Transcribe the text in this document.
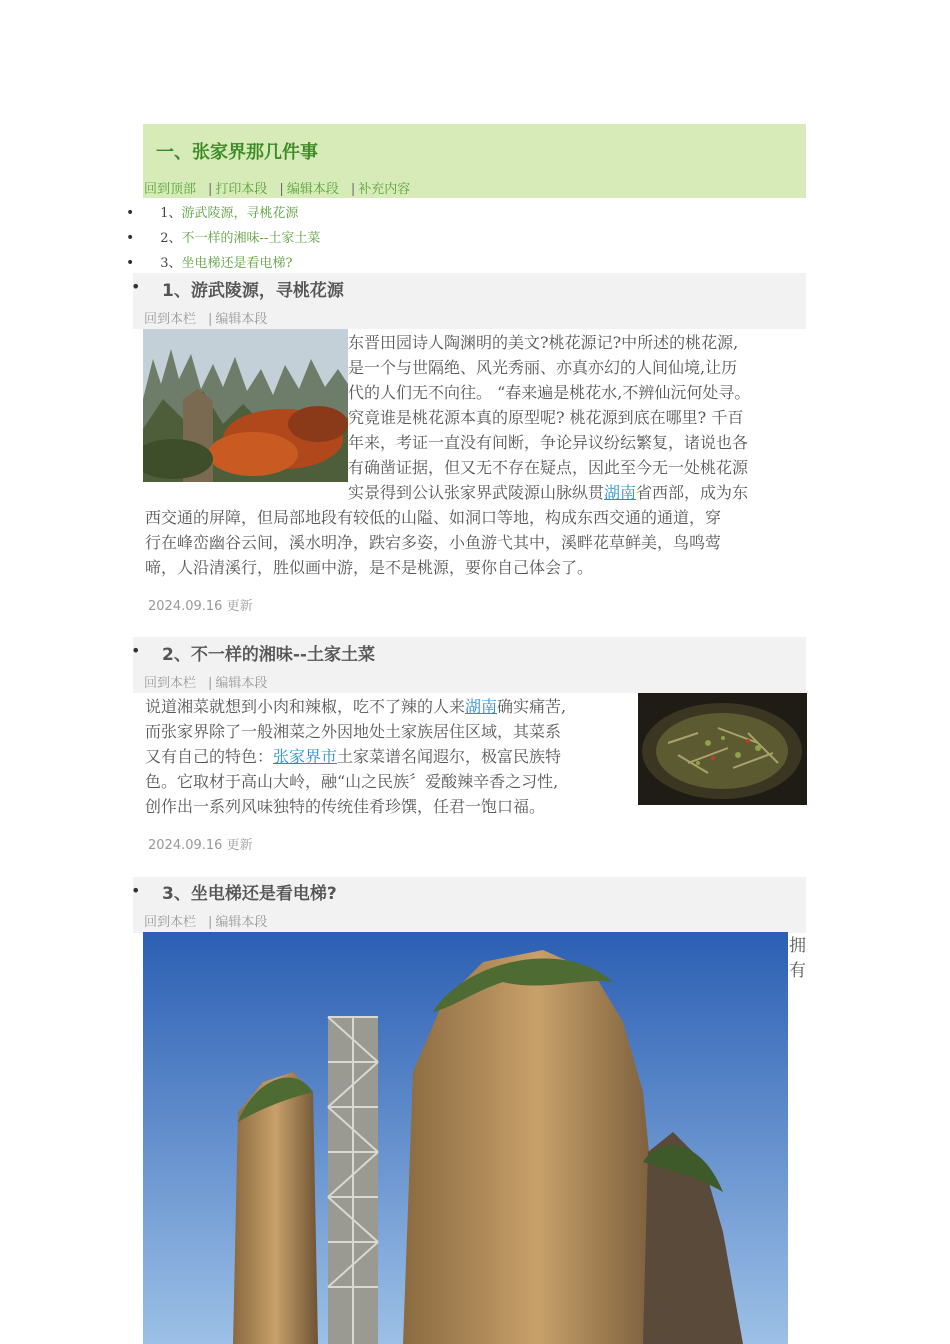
一、张家界那几件事
回到顶部 | 打印本段 | 编辑本段 | 补充内容
• 1、游武陵源，寻桃花源
• 2、不一样的湘味--土家土菜
• 3、坐电梯还是看电梯?
• 1、游武陵源，寻桃花源
回到本栏 | 编辑本段
东晋田园诗人陶渊明的美文?桃花源记?中所述的桃花源,
是一个与世隔绝、风光秀丽、亦真亦幻的人间仙境,让历
代的人们无不向往。 “春来遍是桃花水,不辨仙沅何处寻。
究竟谁是桃花源本真的原型呢? 桃花源到底在哪里? 千百
年来，考证一直没有间断，争论异议纷纭繁复，诸说也各
有确凿证据，但又无不存在疑点，因此至今无一处桃花源
实景得到公认张家界武陵源山脉纵贯湖南省西部，成为东
西交通的屏障，但局部地段有较低的山隘、如洞口等地，构成东西交通的通道，穿
行在峰峦幽谷云间，溪水明净，跌宕多姿，小鱼游弋其中，溪畔花草鲜美，鸟鸣莺
啼，人沿清溪行，胜似画中游，是不是桃源，要你自己体会了。
2024.09.16 更新
• 2、不一样的湘味--土家土菜
回到本栏 | 编辑本段
说道湘菜就想到小肉和辣椒，吃不了辣的人来湖南确实痛苦,
而张家界除了一般湘菜之外因地处土家族居住区域，其菜系
又有自己的特色：张家界市土家菜谱名闻遐尔，极富民族特
色。它取材于高山大岭，融“山之民族〞爱酸辣辛香之习性,
创作出一系列风味独特的传统佳肴珍馔，任君一饱口福。
2024.09.16 更新
• 3、坐电梯还是看电梯?
回到本栏 | 编辑本段
拥
有
